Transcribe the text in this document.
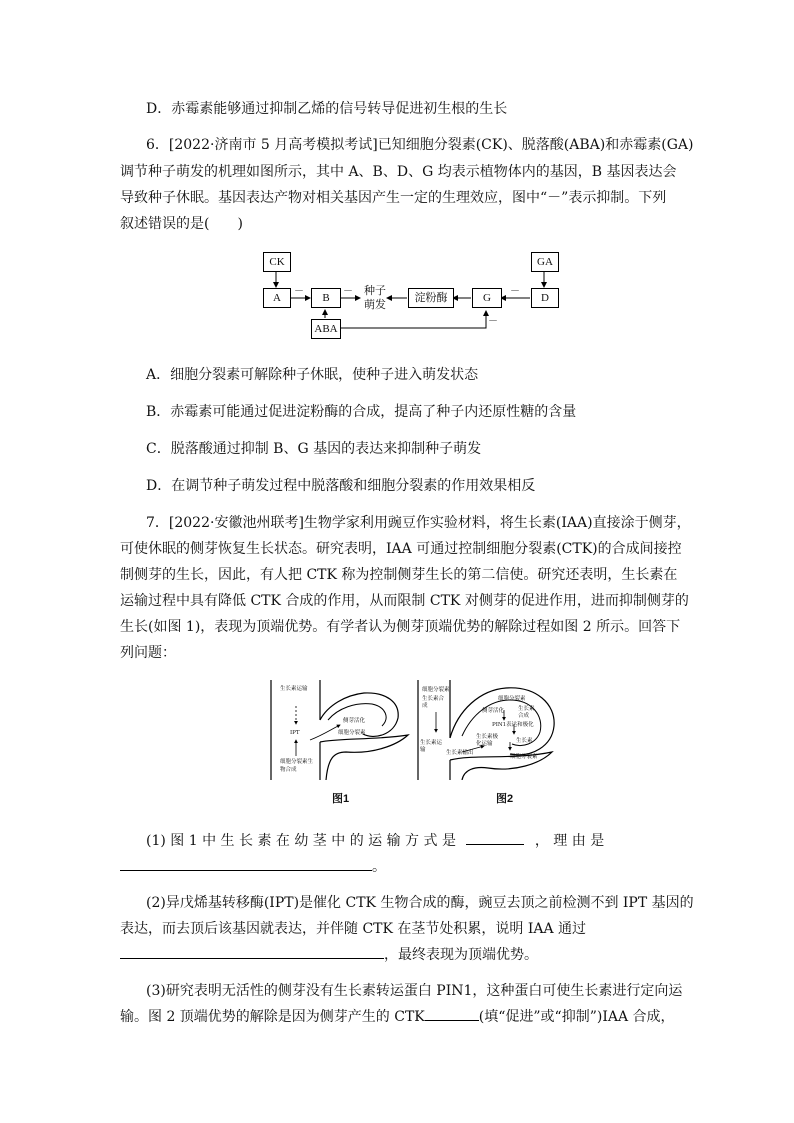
D．赤霉素能够通过抑制乙烯的信号转导促进初生根的生长
6．[2022·济南市 5 月高考模拟考试]已知细胞分裂素(CK)、脱落酸(ABA)和赤霉素(GA)
调节种子萌发的机理如图所示，其中 A、B、D、G 均表示植物体内的基因，B 基因表达会
导致种子休眠。基因表达产物对相关基因产生一定的生理效应，图中“－”表示抑制。下列
叙述错误的是(　　)
CK
A	B
ABA
种子
萌发	淀粉酶	G	D
GA
－	－	－
－
A．细胞分裂素可解除种子休眠，使种子进入萌发状态
B．赤霉素可能通过促进淀粉酶的合成，提高了种子内还原性糖的含量
C．脱落酸通过抑制 B、G 基因的表达来抑制种子萌发
D．在调节种子萌发过程中脱落酸和细胞分裂素的作用效果相反
7．[2022·安徽池州联考]生物学家利用豌豆作实验材料，将生长素(IAA)直接涂于侧芽，
可使休眠的侧芽恢复生长状态。研究表明，IAA 可通过控制细胞分裂素(CTK)的合成间接控
制侧芽的生长，因此，有人把 CTK 称为控制侧芽生长的第二信使。研究还表明，生长素在
运输过程中具有降低 CTK 合成的作用，从而限制 CTK 对侧芽的促进作用，进而抑制侧芽的
生长(如图 1)，表现为顶端优势。有学者认为侧芽顶端优势的解除过程如图 2 所示。回答下
列问题：
生长素运输
IPT
细胞分裂素生物合成
侧芽活化
细胞分裂素
图1
细胞分裂素
生长素合成
生长素运输	生长素输出
细胞分裂素
侧芽活化	生长素合成
PIN1表达和极化
生长素极化运输	生长素
细胞分裂素
图2
(1) 图 1 中 生 长 素 在 幼 茎 中 的 运 输 方 式 是	， 理 由 是
。
(2)异戊烯基转移酶(IPT)是催化 CTK 生物合成的酶，豌豆去顶之前检测不到 IPT 基因的
表达，而去顶后该基因就表达，并伴随 CTK 在茎节处积累，说明 IAA 通过
，最终表现为顶端优势。
(3)研究表明无活性的侧芽没有生长素转运蛋白 PIN1，这种蛋白可使生长素进行定向运
输。图 2 顶端优势的解除是因为侧芽产生的 CTK	(填“促进”或“抑制”)IAA 合成，
